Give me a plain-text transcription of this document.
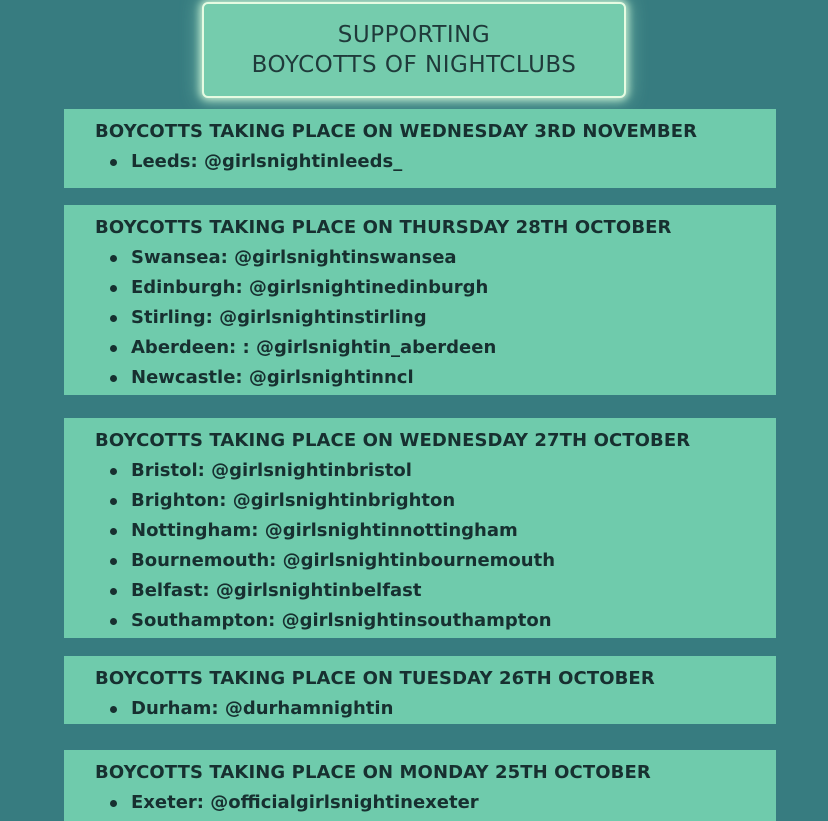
SUPPORTING
BOYCOTTS OF NIGHTCLUBS
BOYCOTTS TAKING PLACE ON WEDNESDAY 3RD NOVEMBER
Leeds: @girlsnightinleeds_
BOYCOTTS TAKING PLACE ON THURSDAY 28TH OCTOBER
Swansea: @girlsnightinswansea
Edinburgh: @girlsnightinedinburgh
Stirling: @girlsnightinstirling
Aberdeen: : @girlsnightin_aberdeen
Newcastle: @girlsnightinncl
BOYCOTTS TAKING PLACE ON WEDNESDAY 27TH OCTOBER
Bristol: @girlsnightinbristol
Brighton: @girlsnightinbrighton
Nottingham: @girlsnightinnottingham
Bournemouth: @girlsnightinbournemouth
Belfast: @girlsnightinbelfast
Southampton: @girlsnightinsouthampton
BOYCOTTS TAKING PLACE ON TUESDAY 26TH OCTOBER
Durham: @durhamnightin
BOYCOTTS TAKING PLACE ON MONDAY 25TH OCTOBER
Exeter: @officialgirlsnightinexeter
